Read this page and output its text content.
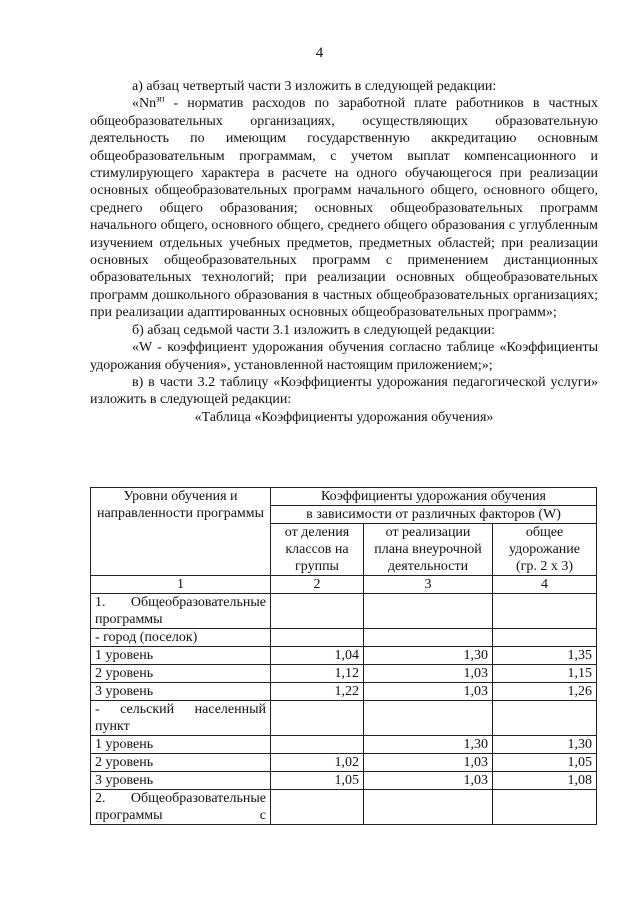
4

а) абзац четвертый части 3 изложить в следующей редакции:

«$Nn^{зп}$ - норматив расходов по заработной плате работников в частных общеобразовательных организациях, осуществляющих образовательную деятельность по имеющим государственную аккредитацию основным общеобразовательным программам, с учетом выплат компенсационного и стимулирующего характера в расчете на одного обучающегося при реализации основных общеобразовательных программ начального общего, основного общего, среднего общего образования; основных общеобразовательных программ начального общего, основного общего, среднего общего образования с углубленным изучением отдельных учебных предметов, предметных областей; при реализации основных общеобразовательных программ с применением дистанционных образовательных технологий; при реализации основных общеобразовательных программ дошкольного образования в частных общеобразовательных организациях; при реализации адаптированных основных общеобразовательных программ»;

б) абзац седьмой части 3.1 изложить в следующей редакции:

«W - коэффициент удорожания обучения согласно таблице «Коэффициенты удорожания обучения», установленной настоящим приложением;»;

в) в части 3.2 таблицу «Коэффициенты удорожания педагогической услуги» изложить в следующей редакции:

«Таблица «Коэффициенты удорожания обучения»

Уровни обучения и направленности программы	Коэффициенты удорожания обучения		
	в зависимости от различных факторов (W)		
	от деления классов на группы	от реализации плана внеурочной деятельности	общее удорожание (гр. 2 х 3)
1	2	3	4
1. Общеобразовательные программы			
- город (поселок)			
1 уровень	1,04	1,30	1,35
2 уровень	1,12	1,03	1,15
3 уровень	1,22	1,03	1,26
- сельский населенный пункт			
1 уровень		1,30	1,30
2 уровень	1,02	1,03	1,05
3 уровень	1,05	1,03	1,08
2. Общеобразовательные программы с			
